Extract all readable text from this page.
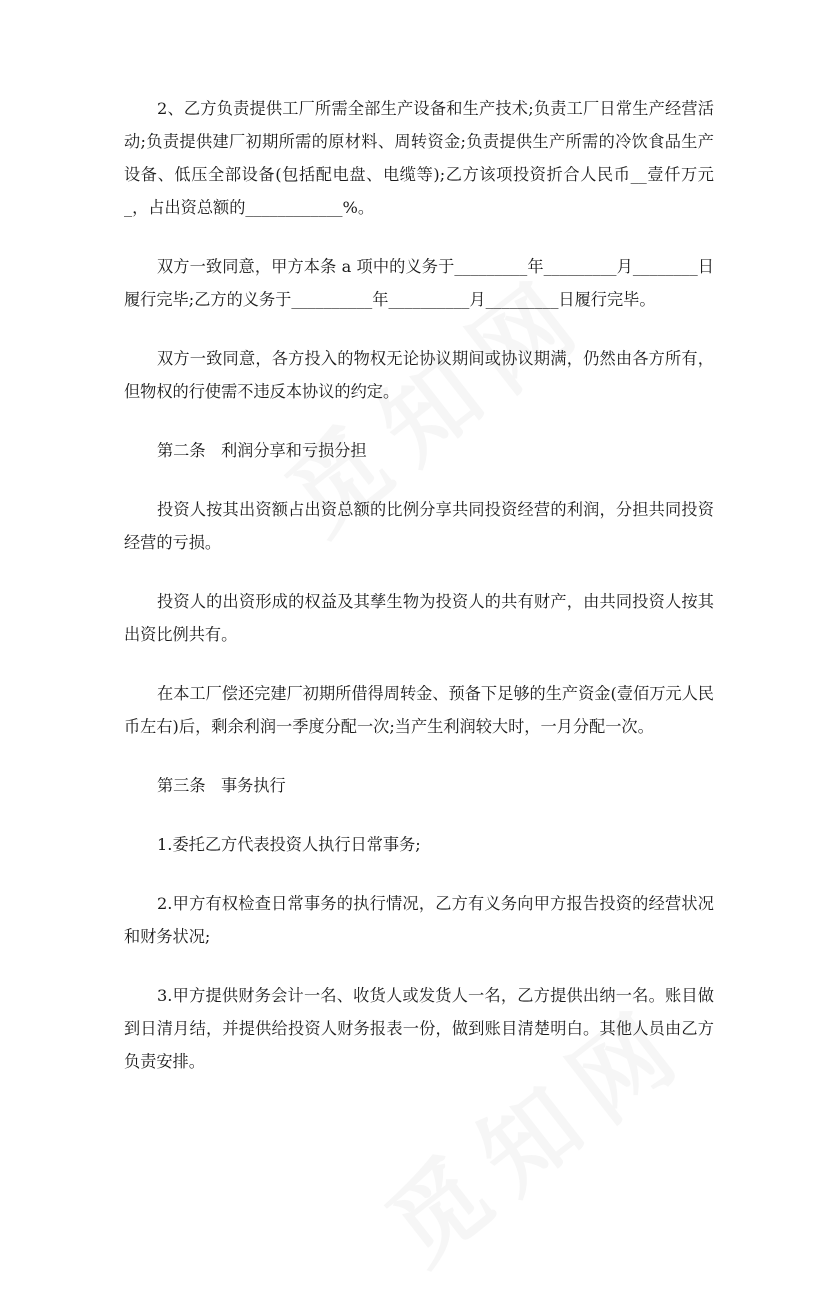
2、乙方负责提供工厂所需全部生产设备和生产技术;负责工厂日常生产经营活动;负责提供建厂初期所需的原材料、周转资金;负责提供生产所需的冷饮食品生产设备、低压全部设备(包括配电盘、电缆等);乙方该项投资折合人民币__壹仟万元_，占出资总额的____________%。

双方一致同意，甲方本条 a 项中的义务于_________年_________月________日履行完毕;乙方的义务于__________年__________月_________日履行完毕。

双方一致同意，各方投入的物权无论协议期间或协议期满，仍然由各方所有，但物权的行使需不违反本协议的约定。

第二条   利润分享和亏损分担

投资人按其出资额占出资总额的比例分享共同投资经营的利润，分担共同投资经营的亏损。

投资人的出资形成的权益及其孳生物为投资人的共有财产，由共同投资人按其出资比例共有。

在本工厂偿还完建厂初期所借得周转金、预备下足够的生产资金(壹佰万元人民币左右)后，剩余利润一季度分配一次;当产生利润较大时，一月分配一次。

第三条   事务执行

1.委托乙方代表投资人执行日常事务;

2.甲方有权检查日常事务的执行情况，乙方有义务向甲方报告投资的经营状况和财务状况;

3.甲方提供财务会计一名、收货人或发货人一名，乙方提供出纳一名。账目做到日清月结，并提供给投资人财务报表一份，做到账目清楚明白。其他人员由乙方负责安排。
